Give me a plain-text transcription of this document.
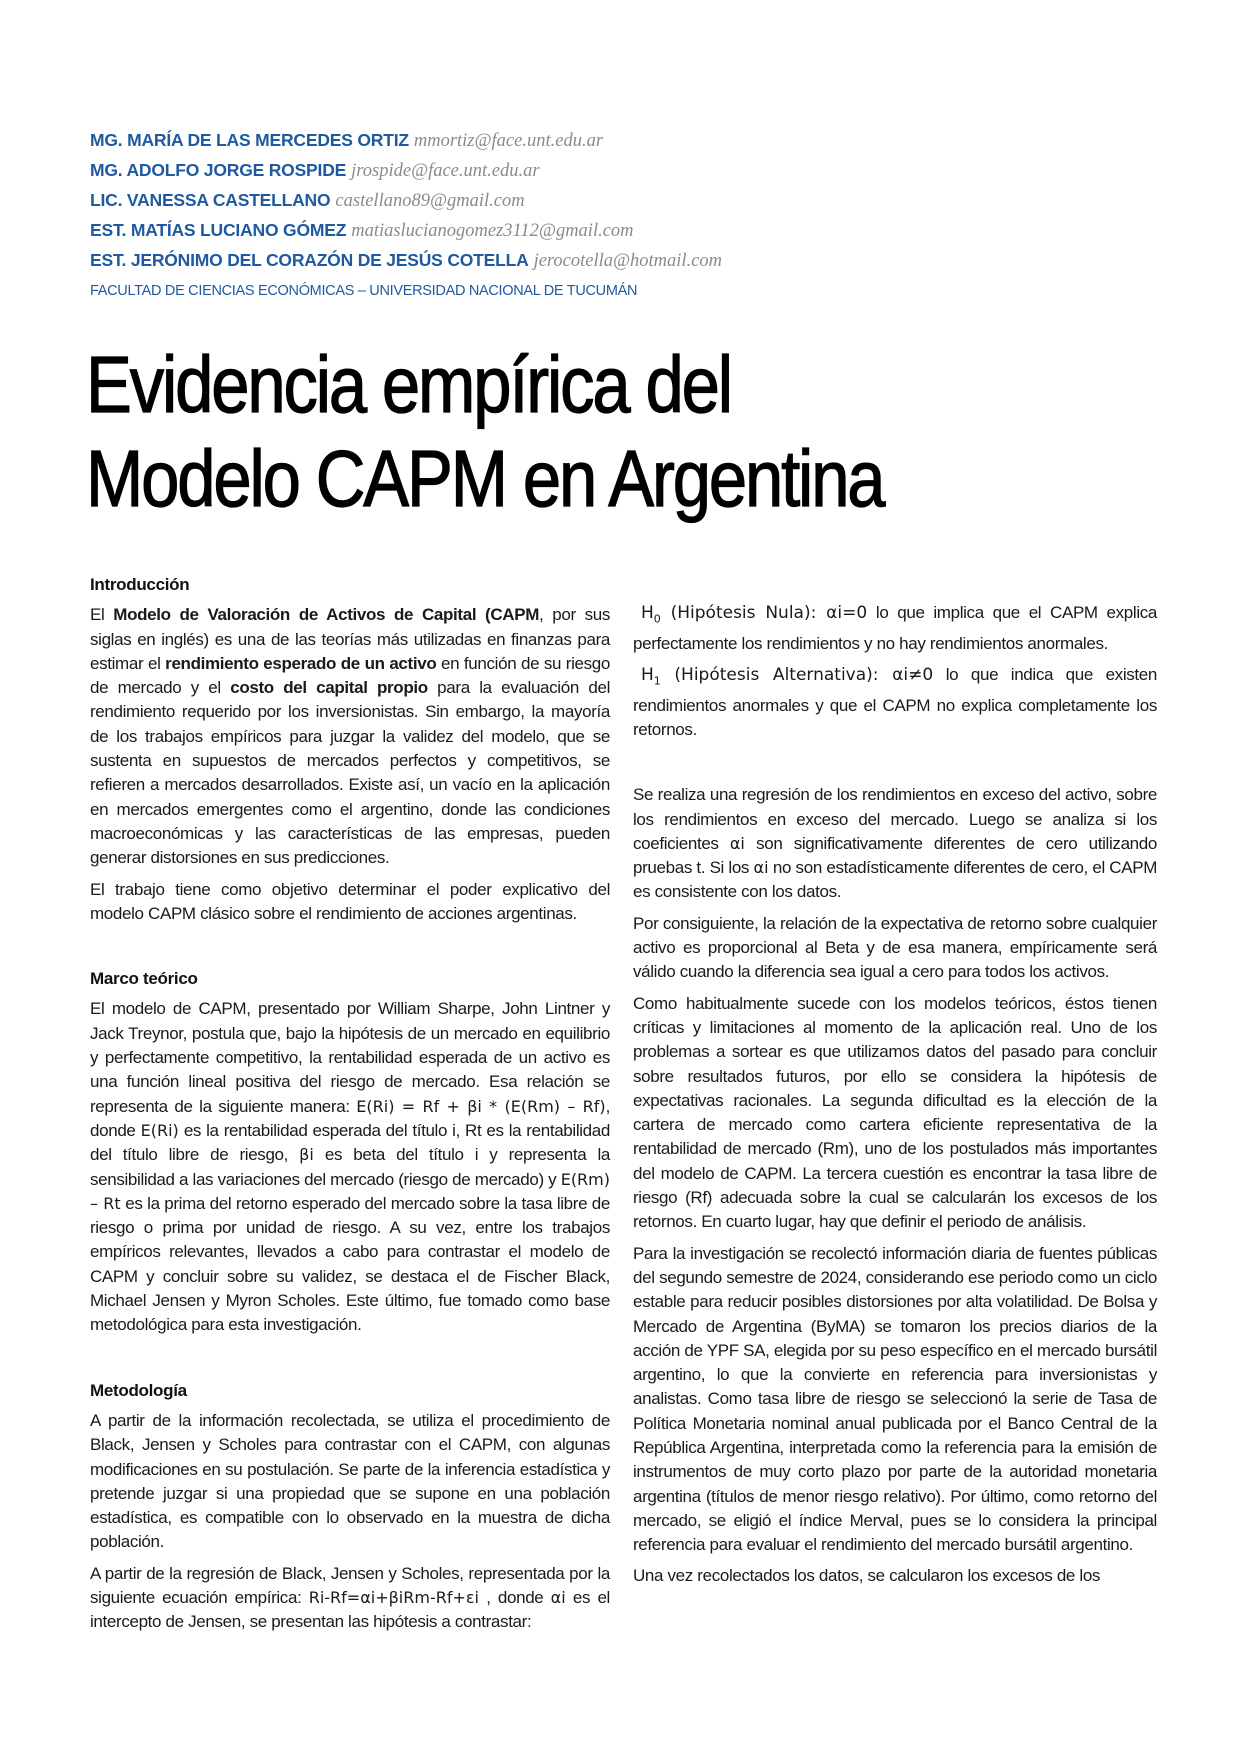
MG. MARÍA DE LAS MERCEDES ORTIZ mmortiz@face.unt.edu.ar
MG. ADOLFO JORGE ROSPIDE jrospide@face.unt.edu.ar
LIC. VANESSA CASTELLANO castellano89@gmail.com
EST. MATÍAS LUCIANO GÓMEZ matiaslucianogomez3112@gmail.com
EST. JERÓNIMO DEL CORAZÓN DE JESÚS COTELLA jerocotella@hotmail.com
FACULTAD DE CIENCIAS ECONÓMICAS – UNIVERSIDAD NACIONAL DE TUCUMÁN
Evidencia empírica del
Modelo CAPM en Argentina
Introducción

El Modelo de Valoración de Activos de Capital (CAPM, por sus siglas en inglés) es una de las teorías más utilizadas en finanzas para estimar el rendimiento esperado de un activo en función de su riesgo de mercado y el costo del capital propio para la evaluación del rendimiento requerido por los inversionistas. Sin embargo, la mayoría de los trabajos empíricos para juzgar la validez del modelo, que se sustenta en supuestos de mercados perfectos y competitivos, se refieren a mercados desarrollados. Existe así, un vacío en la aplicación en mercados emergentes como el argentino, donde las condiciones macroeconómicas y las características de las empresas, pueden generar distorsiones en sus predicciones.

El trabajo tiene como objetivo determinar el poder explicativo del modelo CAPM clásico sobre el rendimiento de acciones argentinas.

Marco teórico

El modelo de CAPM, presentado por William Sharpe, John Lintner y Jack Treynor, postula que, bajo la hipótesis de un mercado en equilibrio y perfectamente competitivo, la rentabilidad esperada de un activo es una función lineal positiva del riesgo de mercado. Esa relación se representa de la siguiente manera: E(Ri) = Rf + βi * (E(Rm) – Rf), donde E(Ri) es la rentabilidad esperada del título i, Rt es la rentabilidad del título libre de riesgo, βi es beta del título i y representa la sensibilidad a las variaciones del mercado (riesgo de mercado) y E(Rm) – Rt es la prima del retorno esperado del mercado sobre la tasa libre de riesgo o prima por unidad de riesgo. A su vez, entre los trabajos empíricos relevantes, llevados a cabo para contrastar el modelo de CAPM y concluir sobre su validez, se destaca el de Fischer Black, Michael Jensen y Myron Scholes. Este último, fue tomado como base metodológica para esta investigación.

Metodología

A partir de la información recolectada, se utiliza el procedimiento de Black, Jensen y Scholes para contrastar con el CAPM, con algunas modificaciones en su postulación. Se parte de la inferencia estadística y pretende juzgar si una propiedad que se supone en una población estadística, es compatible con lo observado en la muestra de dicha población.

A partir de la regresión de Black, Jensen y Scholes, representada por la siguiente ecuación empírica: Ri-Rf=αi+βiRm-Rf+εi , donde αi es el intercepto de Jensen, se presentan las hipótesis a contrastar:

$H_0$ (Hipótesis Nula): αi=0 lo que implica que el CAPM explica perfectamente los rendimientos y no hay rendimientos anormales.

$H_1$ (Hipótesis Alternativa): αi≠0 lo que indica que existen rendimientos anormales y que el CAPM no explica completamente los retornos.

Se realiza una regresión de los rendimientos en exceso del activo, sobre los rendimientos en exceso del mercado. Luego se analiza si los coeficientes αi son significativamente diferentes de cero utilizando pruebas t. Si los αi no son estadísticamente diferentes de cero, el CAPM es consistente con los datos.

Por consiguiente, la relación de la expectativa de retorno sobre cualquier activo es proporcional al Beta y de esa manera, empíricamente será válido cuando la diferencia sea igual a cero para todos los activos.

Como habitualmente sucede con los modelos teóricos, éstos tienen críticas y limitaciones al momento de la aplicación real. Uno de los problemas a sortear es que utilizamos datos del pasado para concluir sobre resultados futuros, por ello se considera la hipótesis de expectativas racionales. La segunda dificultad es la elección de la cartera de mercado como cartera eficiente representativa de la rentabilidad de mercado (Rm), uno de los postulados más importantes del modelo de CAPM. La tercera cuestión es encontrar la tasa libre de riesgo (Rf) adecuada sobre la cual se calcularán los excesos de los retornos. En cuarto lugar, hay que definir el periodo de análisis.

Para la investigación se recolectó información diaria de fuentes públicas del segundo semestre de 2024, considerando ese periodo como un ciclo estable para reducir posibles distorsiones por alta volatilidad. De Bolsa y Mercado de Argentina (ByMA) se tomaron los precios diarios de la acción de YPF SA, elegida por su peso específico en el mercado bursátil argentino, lo que la convierte en referencia para inversionistas y analistas. Como tasa libre de riesgo se seleccionó la serie de Tasa de Política Monetaria nominal anual publicada por el Banco Central de la República Argentina, interpretada como la referencia para la emisión de instrumentos de muy corto plazo por parte de la autoridad monetaria argentina (títulos de menor riesgo relativo). Por último, como retorno del mercado, se eligió el índice Merval, pues se lo considera la principal referencia para evaluar el rendimiento del mercado bursátil argentino.

Una vez recolectados los datos, se calcularon los excesos de los
